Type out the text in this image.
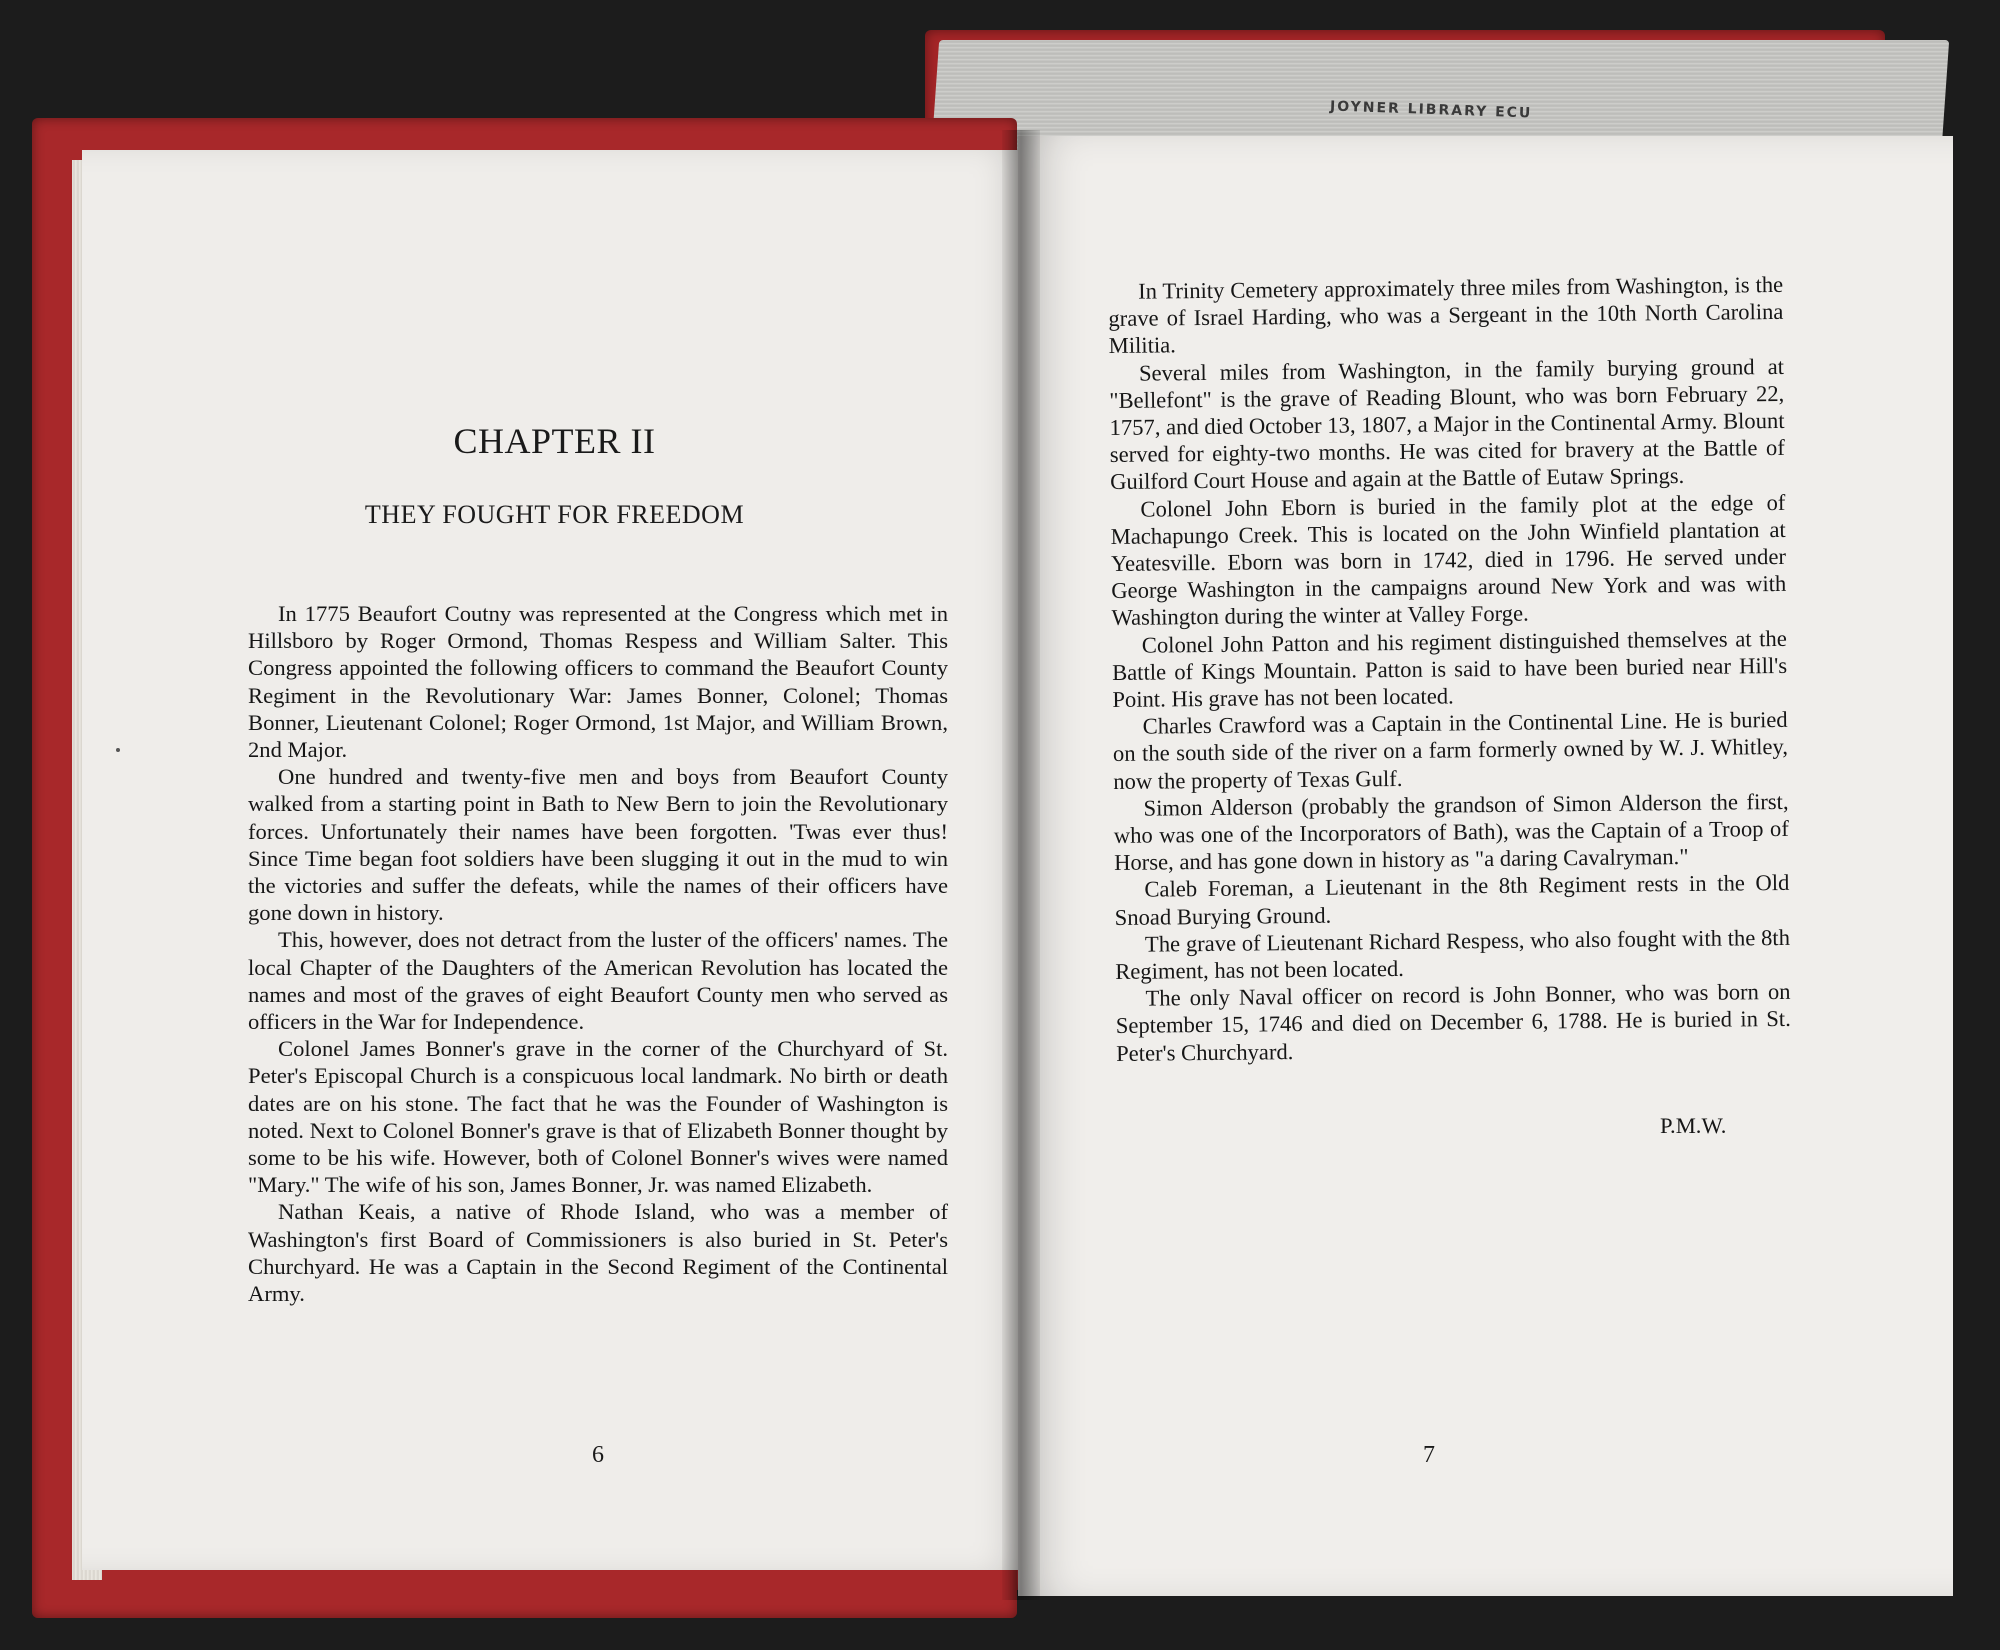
JOYNER LIBRARY ECU
CHAPTER II
THEY FOUGHT FOR FREEDOM

In 1775 Beaufort Coutny was represented at the Congress which met in Hillsboro by Roger Ormond, Thomas Respess and William Salter. This Congress appointed the following officers to command the Beaufort County Regiment in the Revolutionary War: James Bonner, Colonel; Thomas Bonner, Lieutenant Colonel; Roger Ormond, 1st Major, and William Brown, 2nd Major.

One hundred and twenty-five men and boys from Beaufort County walked from a starting point in Bath to New Bern to join the Revolutionary forces. Unfortunately their names have been forgotten. 'Twas ever thus! Since Time began foot soldiers have been slugging it out in the mud to win the victories and suffer the defeats, while the names of their officers have gone down in history.

This, however, does not detract from the luster of the officers' names. The local Chapter of the Daughters of the American Revolution has located the names and most of the graves of eight Beaufort County men who served as officers in the War for Independence.

Colonel James Bonner's grave in the corner of the Churchyard of St. Peter's Episcopal Church is a conspicuous local landmark. No birth or death dates are on his stone. The fact that he was the Founder of Washington is noted. Next to Colonel Bonner's grave is that of Elizabeth Bonner thought by some to be his wife. However, both of Colonel Bonner's wives were named "Mary." The wife of his son, James Bonner, Jr. was named Elizabeth.

Nathan Keais, a native of Rhode Island, who was a member of Washington's first Board of Commissioners is also buried in St. Peter's Churchyard. He was a Captain in the Second Regiment of the Continental Army.

In Trinity Cemetery approximately three miles from Washington, is the grave of Israel Harding, who was a Sergeant in the 10th North Carolina Militia.

Several miles from Washington, in the family burying ground at "Bellefont" is the grave of Reading Blount, who was born February 22, 1757, and died October 13, 1807, a Major in the Continental Army. Blount served for eighty-two months. He was cited for bravery at the Battle of Guilford Court House and again at the Battle of Eutaw Springs.

Colonel John Eborn is buried in the family plot at the edge of Machapungo Creek. This is located on the John Winfield plantation at Yeatesville. Eborn was born in 1742, died in 1796. He served under George Washington in the campaigns around New York and was with Washington during the winter at Valley Forge.

Colonel John Patton and his regiment distinguished themselves at the Battle of Kings Mountain. Patton is said to have been buried near Hill's Point. His grave has not been located.

Charles Crawford was a Captain in the Continental Line. He is buried on the south side of the river on a farm formerly owned by W. J. Whitley, now the property of Texas Gulf.

Simon Alderson (probably the grandson of Simon Alderson the first, who was one of the Incorporators of Bath), was the Captain of a Troop of Horse, and has gone down in history as "a daring Cavalryman."

Caleb Foreman, a Lieutenant in the 8th Regiment rests in the Old Snoad Burying Ground.

The grave of Lieutenant Richard Respess, who also fought with the 8th Regiment, has not been located.

The only Naval officer on record is John Bonner, who was born on September 15, 1746 and died on December 6, 1788. He is buried in St. Peter's Churchyard.

P.M.W.
6	7
